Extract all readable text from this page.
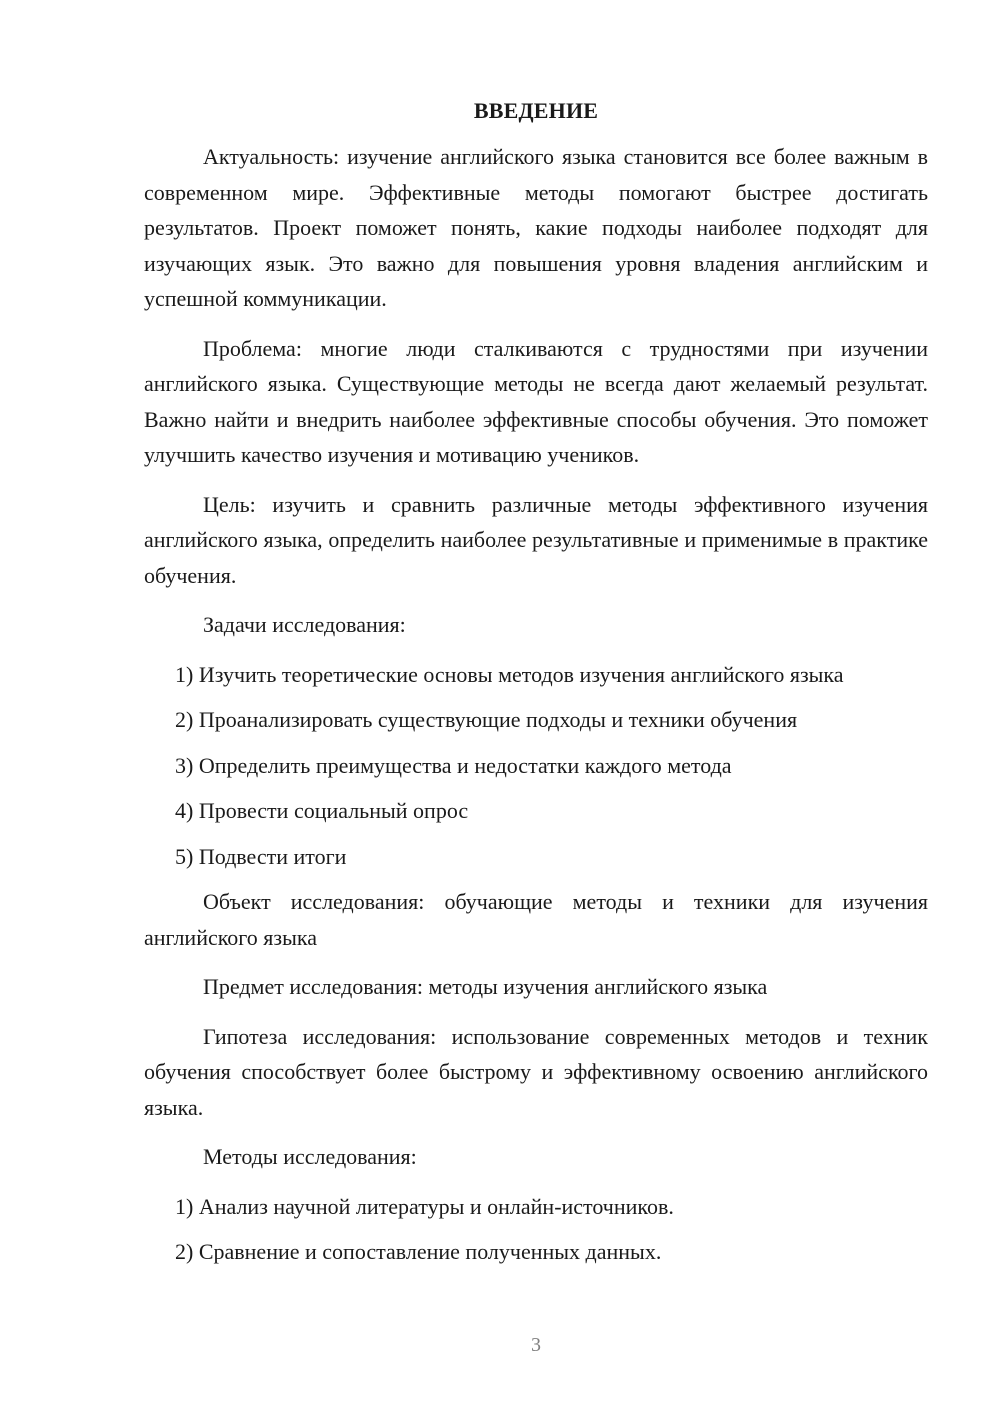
ВВЕДЕНИЕ

Актуальность: изучение английского языка становится все более важным в современном мире. Эффективные методы помогают быстрее достигать результатов. Проект поможет понять, какие подходы наиболее подходят для изучающих язык. Это важно для повышения уровня владения английским и успешной коммуникации.

Проблема: многие люди сталкиваются с трудностями при изучении английского языка. Существующие методы не всегда дают желаемый результат. Важно найти и внедрить наиболее эффективные способы обучения. Это поможет улучшить качество изучения и мотивацию учеников.

Цель: изучить и сравнить различные методы эффективного изучения английского языка, определить наиболее результативные и применимые в практике обучения.

Задачи исследования:

1) Изучить теоретические основы методов изучения английского языка

2) Проанализировать существующие подходы и техники обучения

3) Определить преимущества и недостатки каждого метода

4) Провести социальный опрос

5) Подвести итоги

Объект исследования: обучающие методы и техники для изучения английского языка

Предмет исследования: методы изучения английского языка

Гипотеза исследования: использование современных методов и техник обучения способствует более быстрому и эффективному освоению английского языка.

Методы исследования:

1) Анализ научной литературы и онлайн-источников.

2) Сравнение и сопоставление полученных данных.

3
